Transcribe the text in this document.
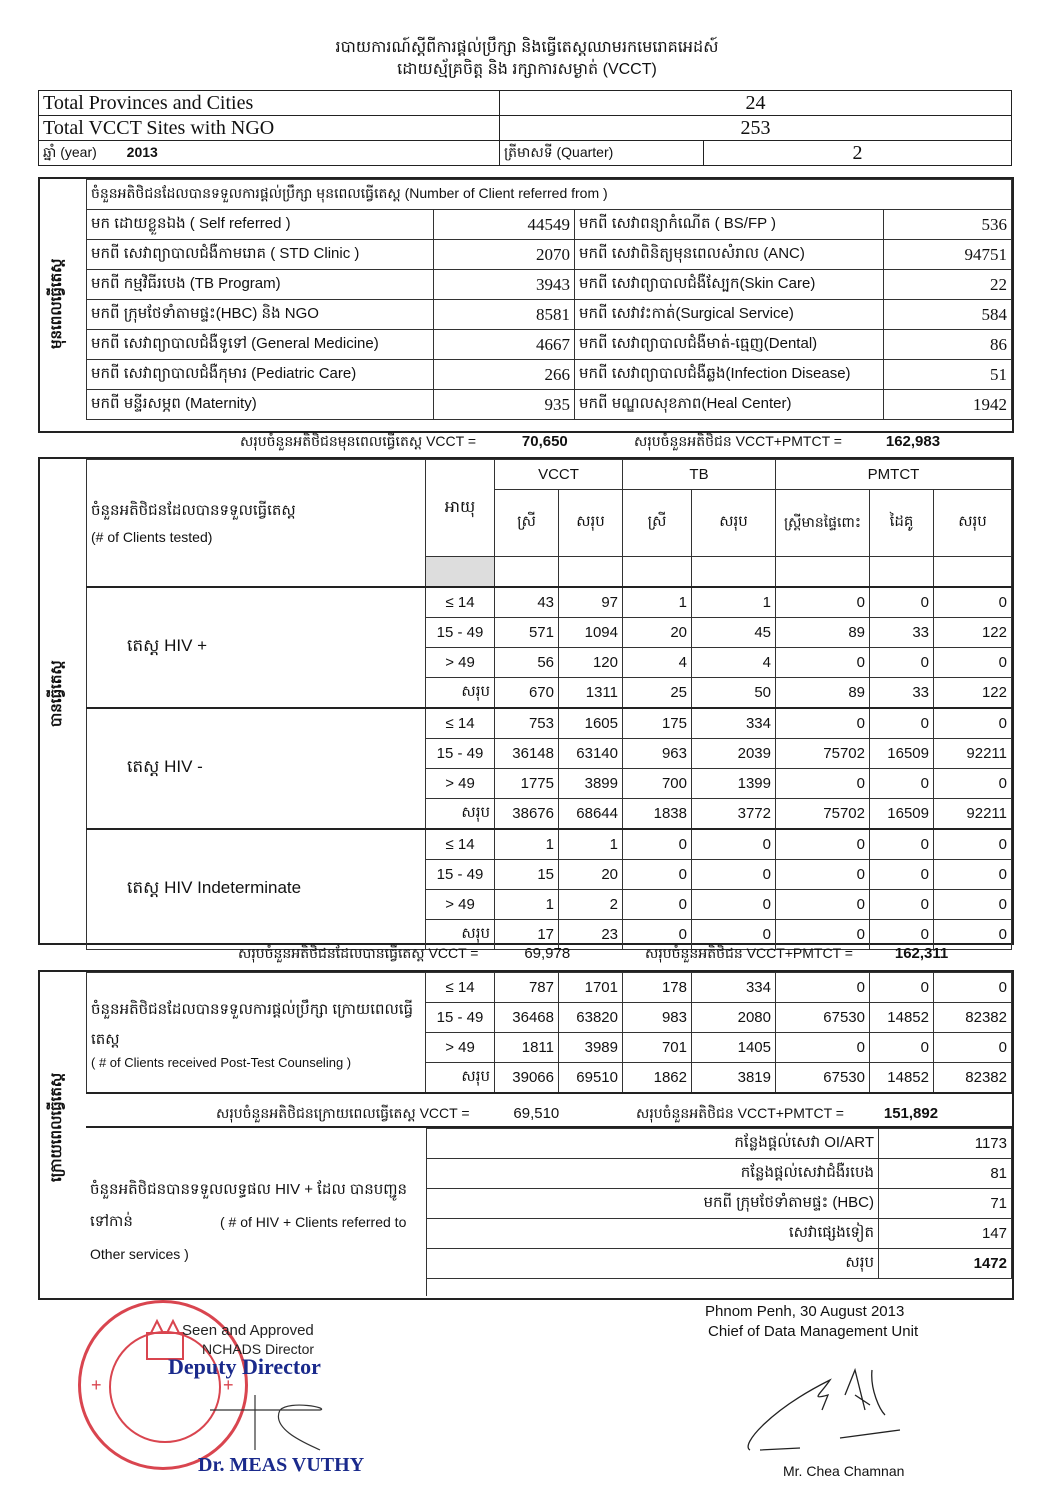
របាយការណ៍ស្តីពីការផ្តល់ប្រឹក្សា និងធ្វើតេស្តឈាមរកមេរោគអេដស៍
ដោយស្ម័គ្រចិត្ត និង រក្សាការសម្ងាត់ (VCCT)
Total Provinces and Cities	24	
Total VCCT Sites with NGO	253	
ឆ្នាំ (year) 2013	ត្រីមាសទី (Quarter)	2
មុនពេលធ្វើតេស្ត
ចំនួនអតិថិជនដែលបានទទួលការផ្តល់ប្រឹក្សា មុនពេលធ្វើតេស្ត (Number of Client referred from )			
មក ដោយខ្លួនឯង ( Self referred )	44549	មកពី សេវាពន្យាកំណើត ( BS/FP )	536
មកពី សេវាព្យាបាលជំងឺកាមរោគ ( STD Clinic )	2070	មកពី សេវាពិនិត្យមុនពេលសំរាល (ANC)	94751
មកពី កម្មវិធីរបេង (TB Program)	3943	មកពី សេវាព្យាបាលជំងឺស្បែក(Skin Care)	22
មកពី ក្រុមថែទាំតាមផ្ទះ(HBC) និង NGO	8581	មកពី សេវាវះកាត់(Surgical Service)	584
មកពី សេវាព្យាបាលជំងឺទូទៅ (General Medicine)	4667	មកពី សេវាព្យាបាលជំងឺមាត់-ធ្មេញ(Dental)	86
មកពី សេវាព្យាបាលជំងឺកុមារ (Pediatric Care)	266	មកពី សេវាព្យាបាលជំងឺឆ្លង(Infection Disease)	51
មកពី មន្ទីរសម្ភព (Maternity)	935	មកពី មណ្ឌលសុខភាព(Heal Center)	1942
សរុបចំនួនអតិថិជនមុនពេលធ្វើតេស្ត VCCT =	70,650	សរុបចំនួនអតិថិជន VCCT+PMTCT =	162,983
បានធ្វើតេស្ត
ចំនួនអតិថិជនដែលបានទទួលធ្វើតេស្ត
(# of Clients tested)	អាយុ	VCCT		TB		PMTCT		
		ស្រី	សរុប	ស្រី	សរុប	ស្ត្រីមានផ្ទៃពោះ	ដៃគូ	សរុប

តេស្ត HIV +	≤ 14	43	97	1	1	0	0	0
	15 - 49	571	1094	20	45	89	33	122
	> 49	56	120	4	4	0	0	0
	សរុប	670	1311	25	50	89	33	122
តេស្ត HIV -	≤ 14	753	1605	175	334	0	0	0
	15 - 49	36148	63140	963	2039	75702	16509	92211
	> 49	1775	3899	700	1399	0	0	0
	សរុប	38676	68644	1838	3772	75702	16509	92211
តេស្ត HIV Indeterminate	≤ 14	1	1	0	0	0	0	0
	15 - 49	15	20	0	0	0	0	0
	> 49	1	2	0	0	0	0	0
	សរុប	17	23	0	0	0	0	0
សរុបចំនួនអតិថិជនដែលបានធ្វើតេស្ត VCCT =	69,978	សរុបចំនួនអតិថិជន VCCT+PMTCT =	162,311
ក្រោយពេលធ្វើតេស្ត
ចំនួនអតិថិជនដែលបានទទួលការផ្តល់ប្រឹក្សា ក្រោយពេលធ្វើតេស្ត
( # of Clients received Post-Test Counseling )	≤ 14	787	1701	178	334	0	0	0
	15 - 49	36468	63820	983	2080	67530	14852	82382
	> 49	1811	3989	701	1405	0	0	0
	សរុប	39066	69510	1862	3819	67530	14852	82382
សរុបចំនួនអតិថិជនក្រោយពេលធ្វើតេស្ត VCCT =	69,510	សរុបចំនួនអតិថិជន VCCT+PMTCT =	151,892
ចំនួនអតិថិជនបានទទួលលទ្ធផល HIV + ដែល បានបញ្ជូនទៅកាន់	( # of HIV + Clients referred to Other services )
កន្លែងផ្តល់សេវា OI/ART	1173
កន្លែងផ្តល់សេវាជំងឺរបេង	81
មកពី ក្រុមថែទាំតាមផ្ទះ (HBC)	71
សេវាផ្សេងទៀត	147
សរុប	1472
+	+
Seen and Approved
NCHADS Director
Deputy Director
Dr. MEAS VUTHY
Phnom Penh, 30 August 2013
Chief of Data Management Unit
Mr. Chea Chamnan
